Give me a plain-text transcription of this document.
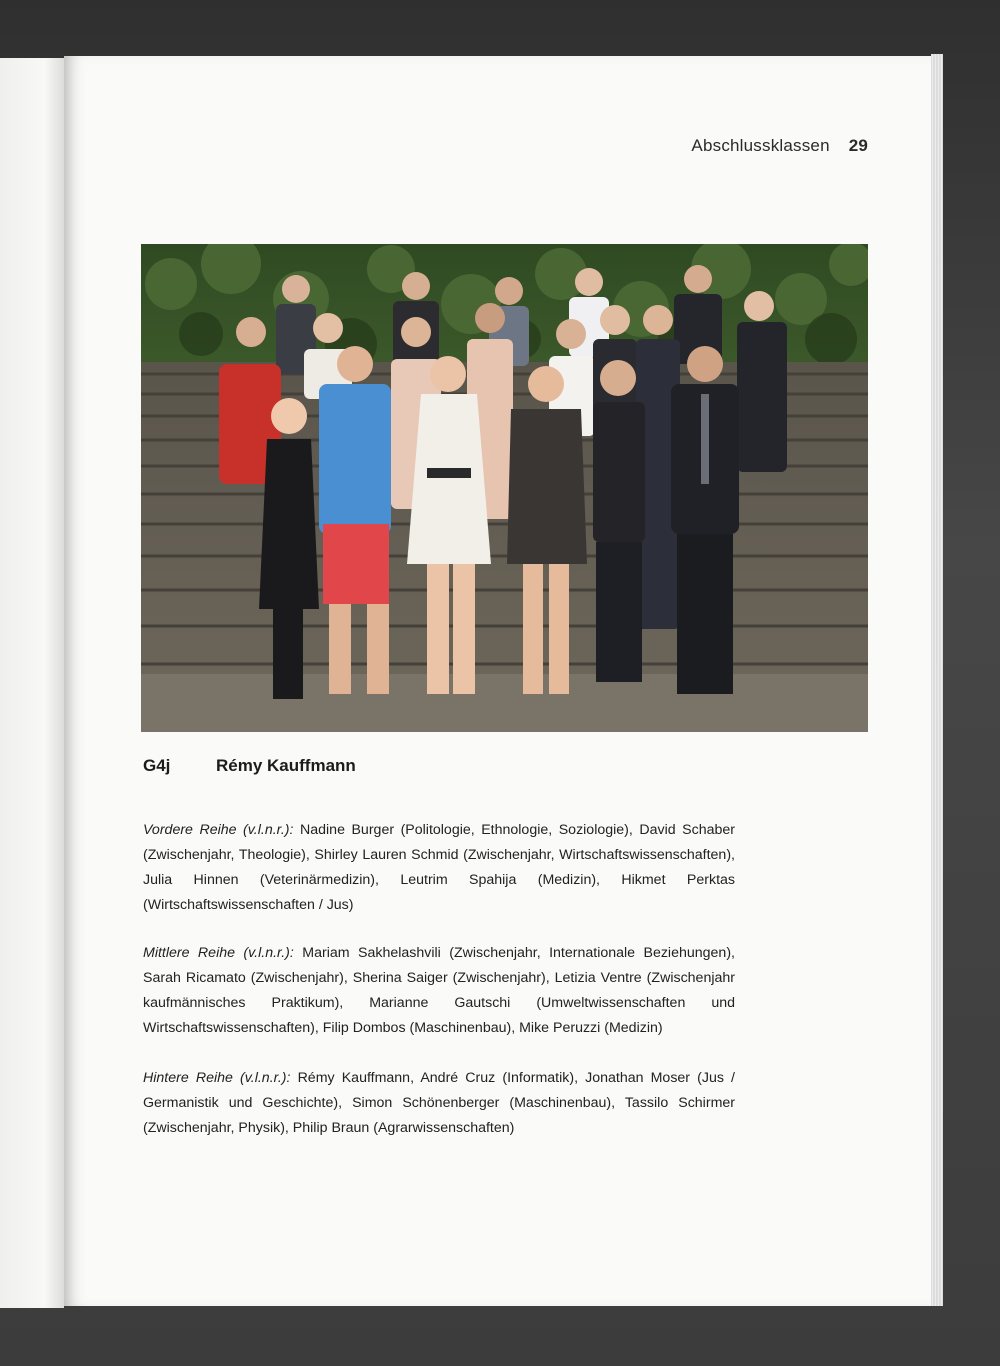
Abschlussklassen 29
G4j	Rémy Kauffmann
Vordere Reihe (v.l.n.r.): Nadine Burger (Politologie, Ethnologie, Soziologie), David Schaber (Zwischenjahr, Theologie), Shirley Lauren Schmid (Zwischenjahr, Wirtschaftswissenschaften), Julia Hinnen (Veterinärmedizin), Leutrim Spahija (Medizin), Hikmet Perktas (Wirtschaftswissenschaften / Jus)
Mittlere Reihe (v.l.n.r.): Mariam Sakhelashvili (Zwischenjahr, Internationale Beziehungen), Sarah Ricamato (Zwischenjahr), Sherina Saiger (Zwischenjahr), Letizia Ventre (Zwischenjahr kaufmännisches Praktikum), Marianne Gautschi (Umweltwissenschaften und Wirtschaftswissenschaften), Filip Dombos (Maschinenbau), Mike Peruzzi (Medizin)
Hintere Reihe (v.l.n.r.): Rémy Kauffmann, André Cruz (Informatik), Jonathan Moser (Jus / Germanistik und Geschichte), Simon Schönenberger (Maschinenbau), Tassilo Schirmer (Zwischenjahr, Physik), Philip Braun (Agrarwissenschaften)
